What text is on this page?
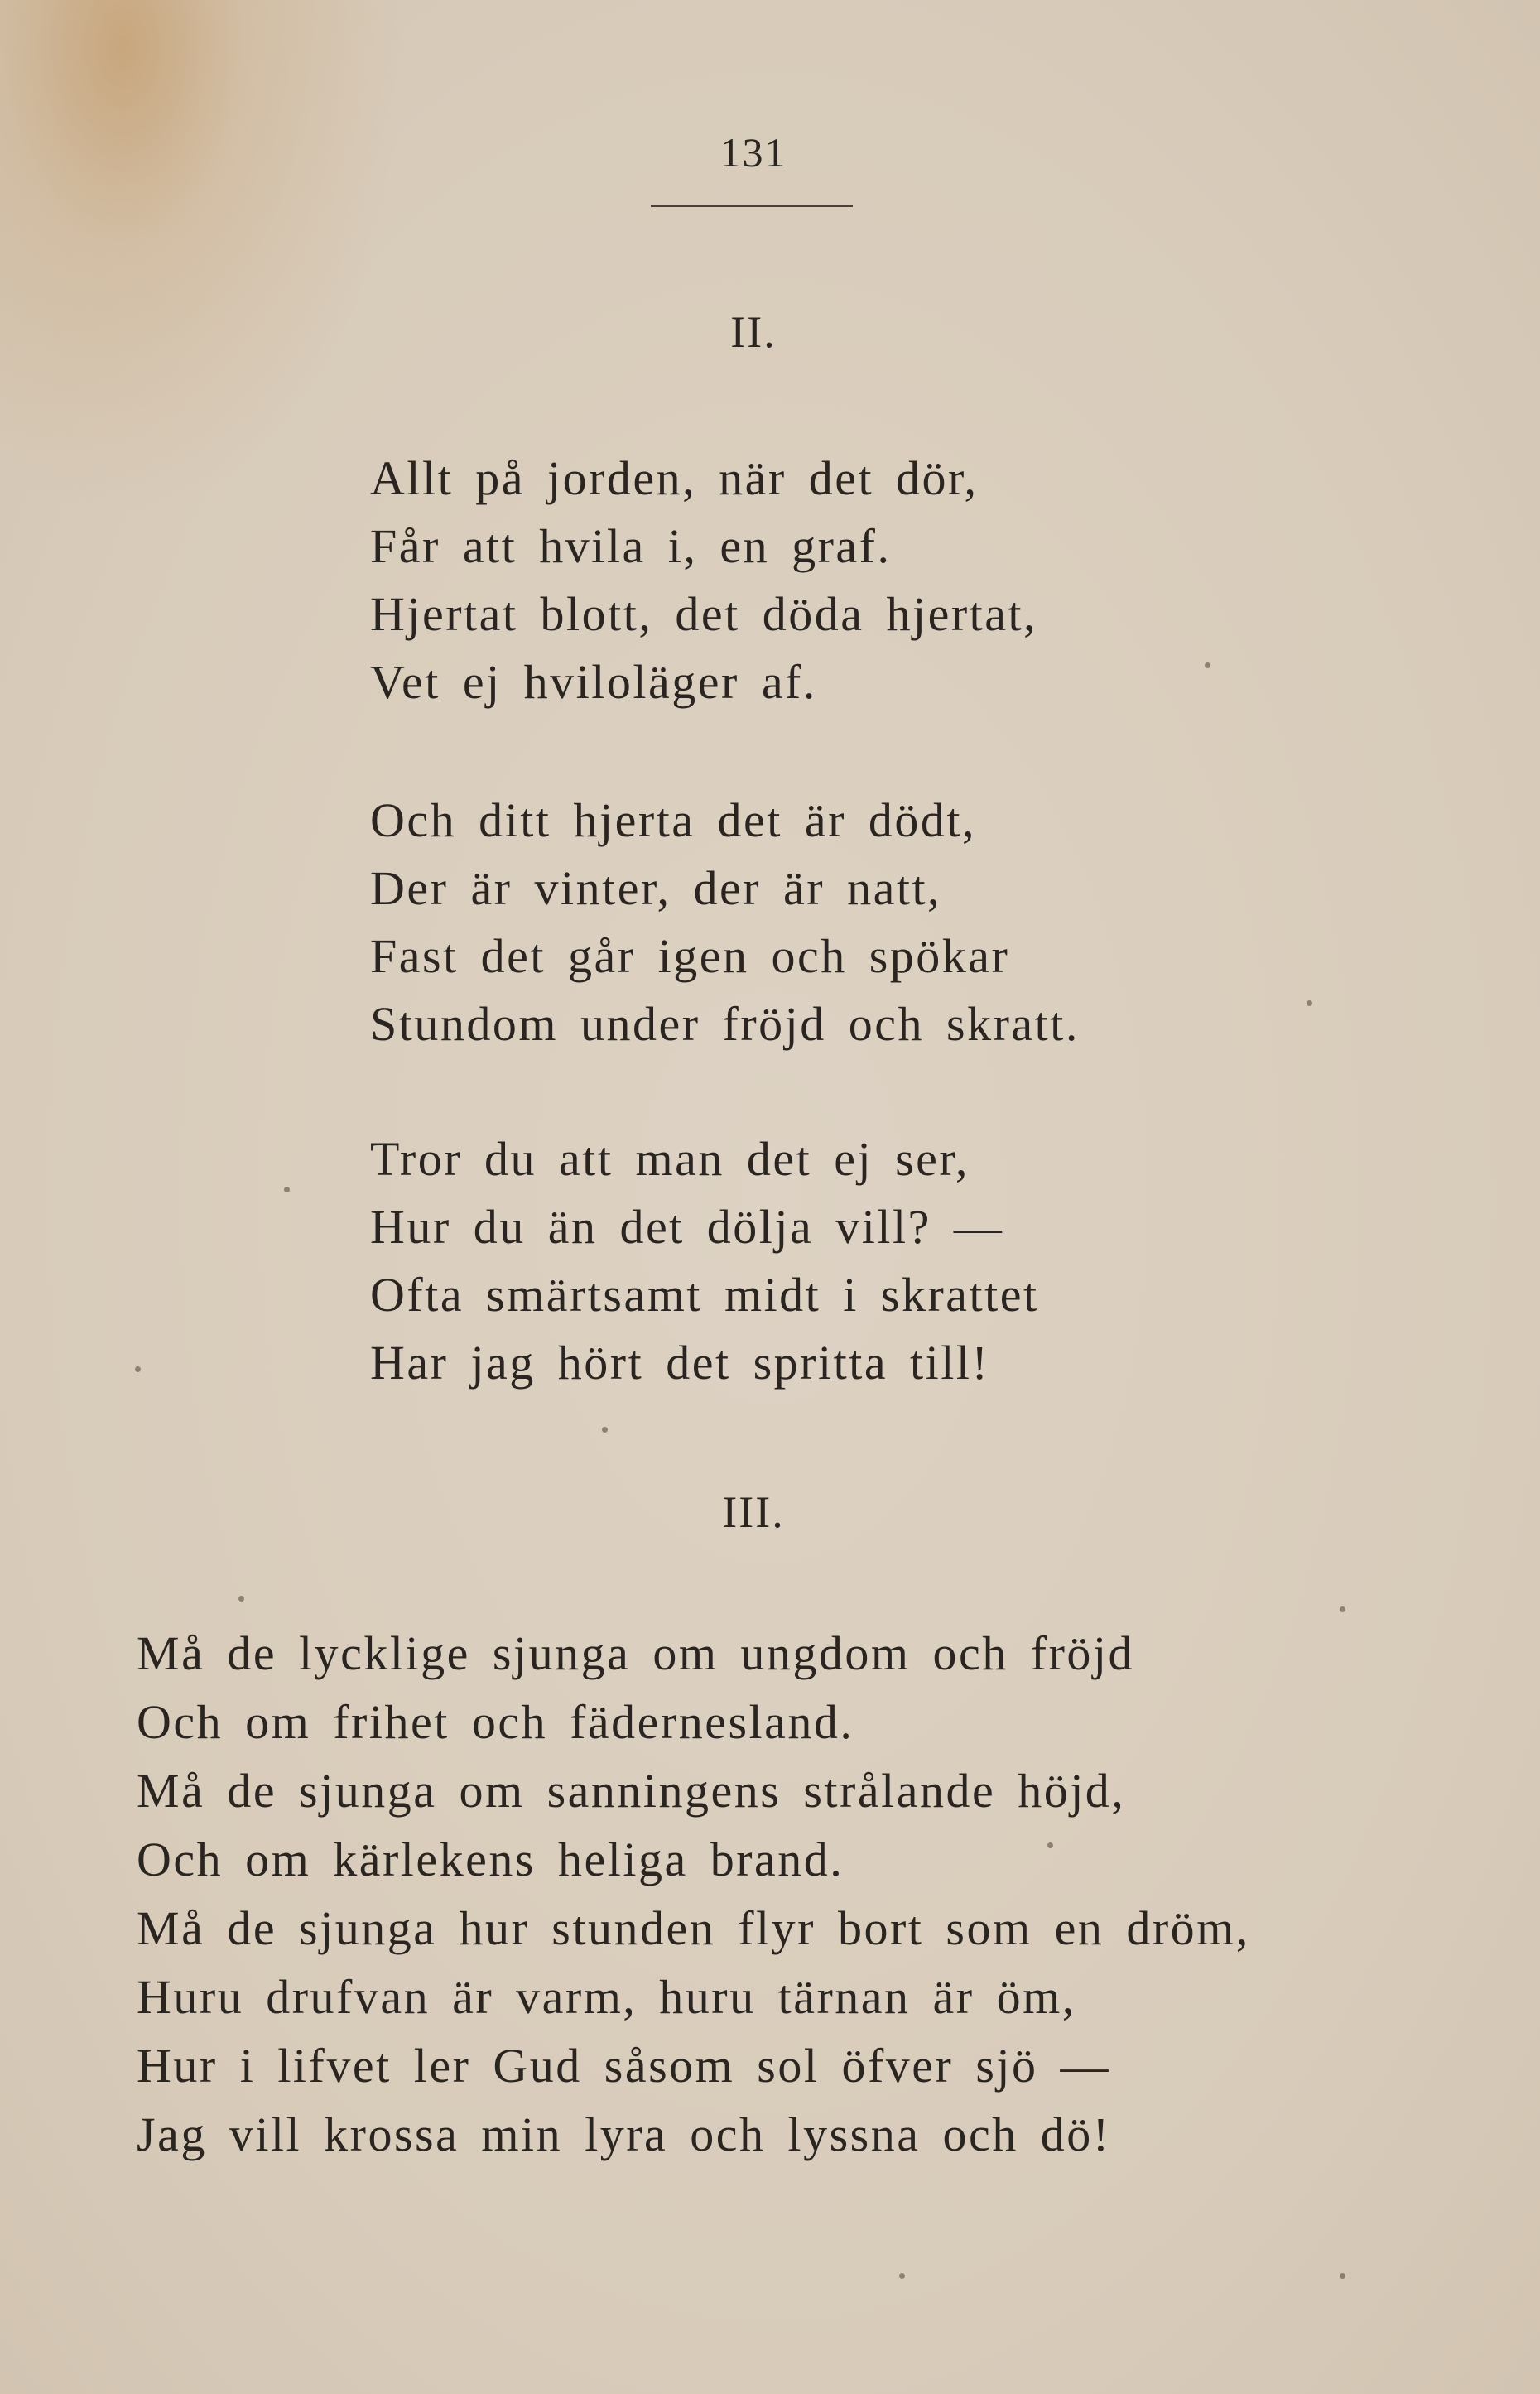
131
II.
Allt på jorden, när det dör,
Får att hvila i, en graf.
Hjertat blott, det döda hjertat,
Vet ej hviloläger af.
Och ditt hjerta det är dödt,
Der är vinter, der är natt,
Fast det går igen och spökar
Stundom under fröjd och skratt.
Tror du att man det ej ser,
Hur du än det dölja vill? —
Ofta smärtsamt midt i skrattet
Har jag hört det spritta till!
III.
Må de lycklige sjunga om ungdom och fröjd
Och om frihet och fädernesland.
Må de sjunga om sanningens strålande höjd,
Och om kärlekens heliga brand.
Må de sjunga hur stunden flyr bort som en dröm,
Huru drufvan är varm, huru tärnan är öm,
Hur i lifvet ler Gud såsom sol öfver sjö —
Jag vill krossa min lyra och lyssna och dö!
